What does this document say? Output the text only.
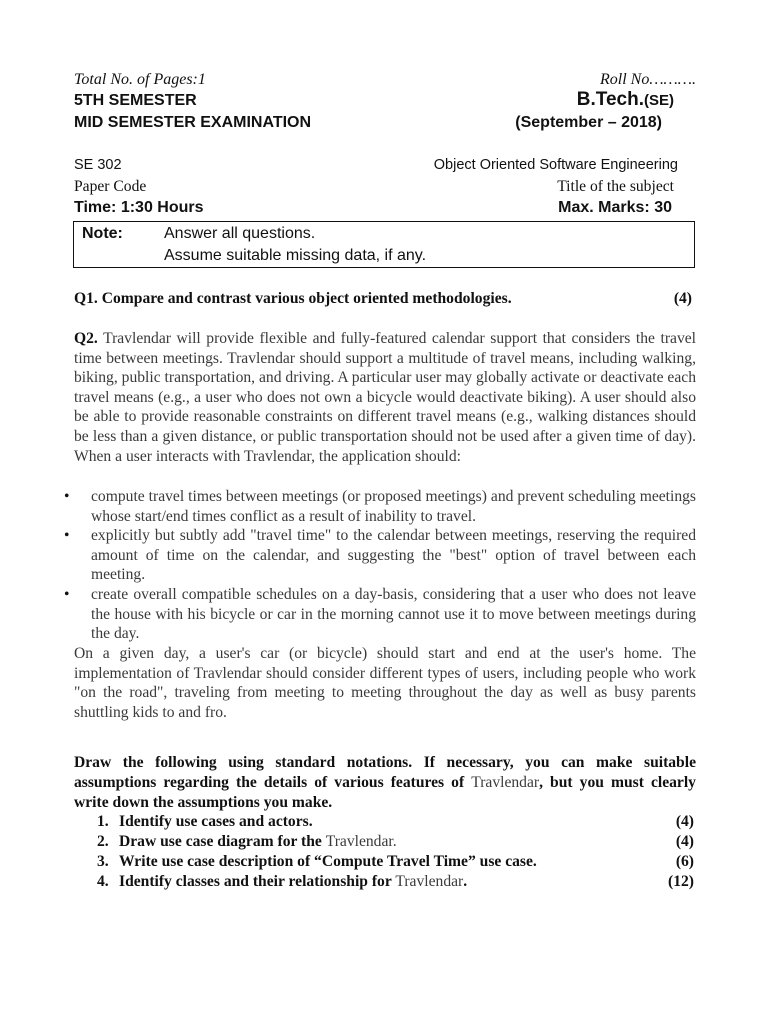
Total No. of Pages:1	Roll No……….
5TH SEMESTER	B.Tech.(SE)
MID SEMESTER EXAMINATION	(September – 2018)
SE 302	Object Oriented Software Engineering
Paper Code	Title of the subject
Time: 1:30 Hours	Max. Marks: 30
Note:	Answer all questions.
Assume suitable missing data, if any.
Q1. Compare and contrast various object oriented methodologies.	(4)
Q2. Travlendar will provide flexible and fully-featured calendar support that considers the travel time between meetings. Travlendar should support a multitude of travel means, including walking, biking, public transportation, and driving. A particular user may globally activate or deactivate each travel means (e.g., a user who does not own a bicycle would deactivate biking). A user should also be able to provide reasonable constraints on different travel means (e.g., walking distances should be less than a given distance, or public transportation should not be used after a given time of day). When a user interacts with Travlendar, the application should:
• compute travel times between meetings (or proposed meetings) and prevent scheduling meetings whose start/end times conflict as a result of inability to travel.
• explicitly but subtly add "travel time" to the calendar between meetings, reserving the required amount of time on the calendar, and suggesting the "best" option of travel between each meeting.
• create overall compatible schedules on a day-basis, considering that a user who does not leave the house with his bicycle or car in the morning cannot use it to move between meetings during the day.
On a given day, a user's car (or bicycle) should start and end at the user's home. The implementation of Travlendar should consider different types of users, including people who work "on the road", traveling from meeting to meeting throughout the day as well as busy parents shuttling kids to and fro.
Draw the following using standard notations. If necessary, you can make suitable assumptions regarding the details of various features of Travlendar, but you must clearly write down the assumptions you make.
1. Identify use cases and actors.	(4)
2. Draw use case diagram for the Travlendar.	(4)
3. Write use case description of “Compute Travel Time” use case.	(6)
4. Identify classes and their relationship for Travlendar.	(12)
